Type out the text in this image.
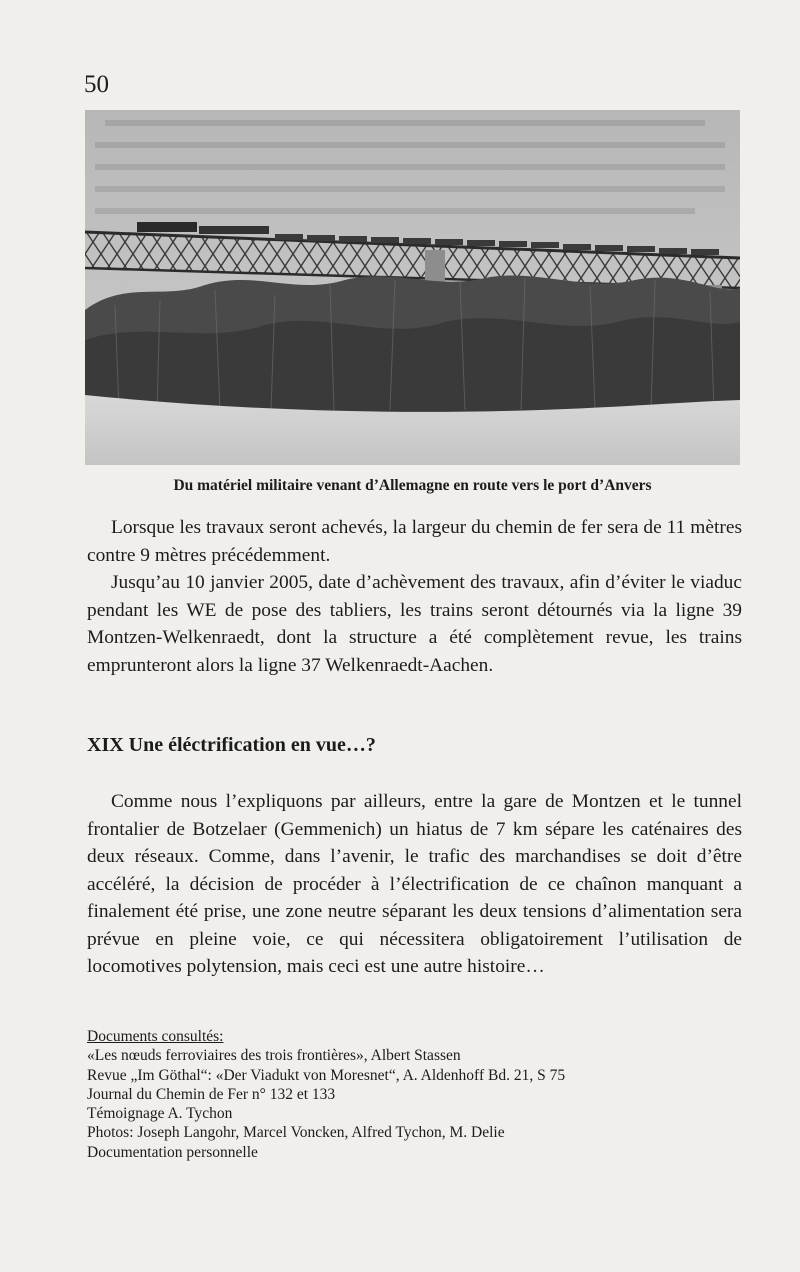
50
Du matériel militaire venant d’Allemagne en route vers le port d’Anvers

Lorsque les travaux seront achevés, la largeur du chemin de fer sera de 11 mètres contre 9 mètres précédemment.

Jusqu’au 10 janvier 2005, date d’achèvement des travaux, afin d’éviter le viaduc pendant les WE de pose des tabliers, les trains seront détournés via la ligne 39 Montzen-Welkenraedt, dont la structure a été complètement revue, les trains emprunteront alors la ligne 37 Welkenraedt-Aachen.

XIX Une éléctrification en vue…?

Comme nous l’expliquons par ailleurs, entre la gare de Montzen et le tunnel frontalier de Botzelaer (Gemmenich) un hiatus de 7 km sépare les caténaires des deux réseaux. Comme, dans l’avenir, le trafic des marchandises se doit d’être accéléré, la décision de procéder à l’électrification de ce chaînon manquant a finalement été prise, une zone neutre séparant les deux tensions d’alimentation sera prévue en pleine voie, ce qui nécessitera obligatoirement l’utilisation de locomotives polytension, mais ceci est une autre histoire…

Documents consultés:
«Les nœuds ferroviaires des trois frontières», Albert Stassen
Revue „Im Göthal“: «Der Viadukt von Moresnet“, A. Aldenhoff Bd. 21, S 75
Journal du Chemin de Fer n° 132 et 133
Témoignage A. Tychon
Photos: Joseph Langohr, Marcel Voncken, Alfred Tychon, M. Delie
Documentation personnelle
